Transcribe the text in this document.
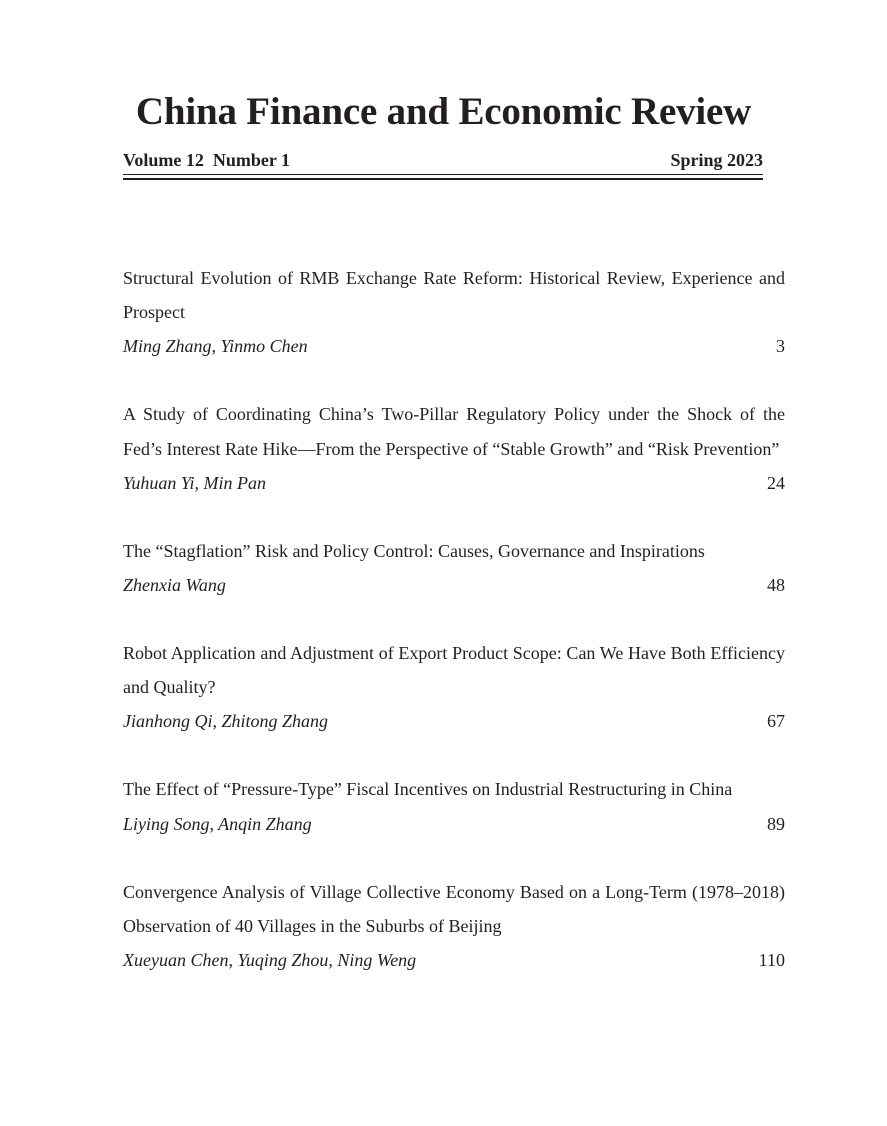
China Finance and Economic Review
Volume 12  Number 1	Spring 2023

Structural Evolution of RMB Exchange Rate Reform: Historical Review, Experience and Prospect

Ming Zhang, Yinmo Chen	3

A Study of Coordinating China’s Two-Pillar Regulatory Policy under the Shock of the Fed’s Interest Rate Hike—From the Perspective of “Stable Growth” and “Risk Prevention”

Yuhuan Yi, Min Pan	24

The “Stagflation” Risk and Policy Control: Causes, Governance and Inspirations

Zhenxia Wang	48

Robot Application and Adjustment of Export Product Scope: Can We Have Both Efficiency and Quality?

Jianhong Qi, Zhitong Zhang	67

The Effect of “Pressure-Type” Fiscal Incentives on Industrial Restructuring in China

Liying Song, Anqin Zhang	89

Convergence Analysis of Village Collective Economy Based on a Long-Term (1978–2018) Observation of 40 Villages in the Suburbs of Beijing

Xueyuan Chen, Yuqing Zhou, Ning Weng	110
